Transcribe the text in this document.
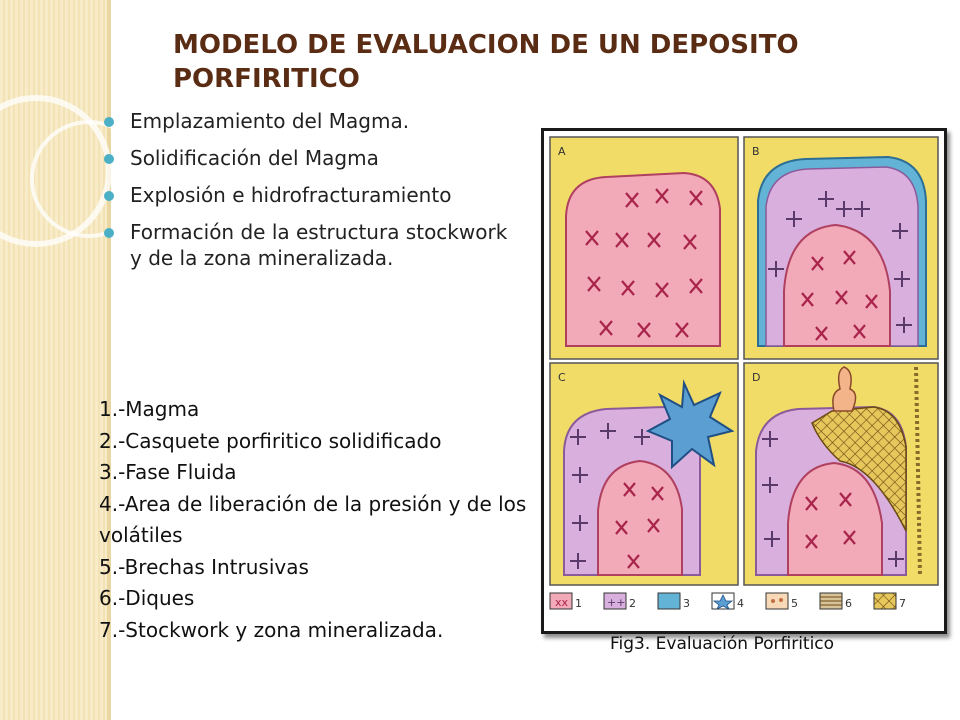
MODELO DE EVALUACION DE UN DEPOSITO PORFIRITICO
Emplazamiento del Magma.
Solidificación del Magma
Explosión e hidrofracturamiento
Formación de la estructura stockwork y de la zona mineralizada.
1.-Magma
2.-Casquete porfiritico solidificado
3.-Fase Fluida
4.-Area de liberación de la presión y de los volátiles
5.-Brechas Intrusivas
6.-Diques
7.-Stockwork y zona mineralizada.
A	B
C	D
xx 1 ++ 2	3	4	5	6	7
Fig3. Evaluación Porfiritico
